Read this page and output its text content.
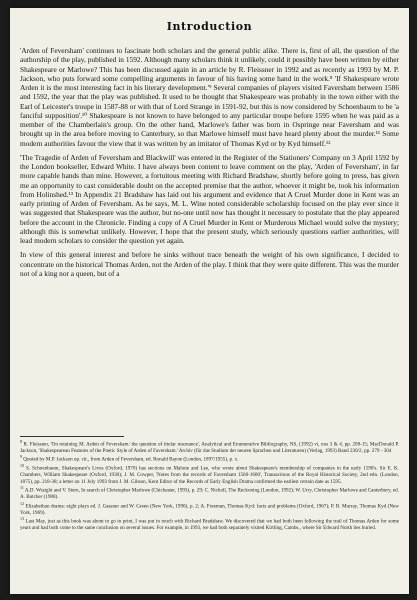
Introduction

'Arden of Feversham' continues to fascinate both scholars and the general public alike. There is, first of all, the question of the authorship of the play, published in 1592. Although many scholars think it unlikely, could it possibly have been written by either Shakespeare or Marlowe? This has been discussed again in an article by R. Fleissner in 1992 and as recently as 1993 by M. P. Jackson, who puts forward some compelling arguments in favour of his having some hand in the work.⁸ 'If Shakespeare wrote Arden it is the most interesting fact in his literary development.'⁹ Several companies of players visited Faversham between 1586 and 1592, the year that the play was published. It used to be thought that Shakespeare was probably in the town either with the Earl of Leicester's troupe in 1587-88 or with that of Lord Strange in 1591-92, but this is now considered by Schoenbaum to be 'a fanciful supposition'.¹⁰ Shakespeare is not known to have belonged to any particular troupe before 1595 when he was paid as a member of the Chamberlain's group. On the other hand, Marlowe's father was born in Ospringe near Faversham and was brought up in the area before moving to Canterbury, so that Marlowe himself must have heard plenty about the murder.¹¹ Some modern authorities favour the view that it was written by an imitator of Thomas Kyd or by Kyd himself.¹²

'The Tragedie of Arden of Feversham and Blackwill' was entered in the Register of the Stationers' Company on 3 April 1592 by the London bookseller, Edward White. I have always been content to leave comment on the play, 'Arden of Feversham', in far more capable hands than mine. However, a fortuitous meeting with Richard Bradshaw, shortly before going to press, has given me an opportunity to cast considerable doubt on the accepted premise that the author, whoever it might be, took his information from Holinshed.¹³ In Appendix 21 Bradshaw has laid out his argument and evidence that A Cruel Murder done in Kent was an early printing of Arden of Feversham. As he says, M. L. Wine noted considerable scholarship focused on the play ever since it was suggested that Shakespeare was the author, but no-one until now has thought it necessary to postulate that the play appeared before the account in the Chronicle. Finding a copy of A Cruel Murder in Kent or Murderous Michael would solve the mystery; although this is somewhat unlikely. However, I hope that the present study, which seriously questions earlier authorities, will lead modern scholars to consider the question yet again.

In view of this general interest and before he sinks without trace beneath the weight of his own significance, I decided to concentrate on the historical Thomas Arden, not the Arden of the play. I think that they were quite different. This was the murder not of a king nor a queen, but of a

$^8$ R. Fleissner, 'On retaining M. Arden of Feversham: the question of titular resonance', Analytical and Enumerative Bibliography, NS, (1992) vi, nos 3 & 4, pp. 208-15; MacDonald P. Jackson, 'Shakespearean Features of the Poetic Style of Arden of Faversham.' Archiv (für das Studium der neuren Sprachen und Literaturen) (Verlag, 1993) Band 230/2, pp. 279 - 304

$^9$ Quoted by M.P. Jackson op. cit., from Arden of Feversham, ed. Ronald Bayne (London, 1897/1955), p. x.

$^{10}$ S. Schoenbaum, Shakespeare's Lives (Oxford, 1970) has sections on Malone and Lee, who wrote about Shakespeare's membership of companies in the early 1590's. Sir E. K. Chambers, William Shakespeare (Oxford, 1930); J. M. Cowper, 'Notes from the records of Faversham 1560-1600', Transactions of the Royal Historical Society, 2nd edn. (London, 1875), pp. 218-38; a letter on 11 July 1993 from J. M. Gibson, Kent Editor of the Records of Early English Drama confirmed the earliest certain date as 1595.

$^{11}$ A.D. Wraight and V. Stern, In search of Christopher Marlowe (Chichester, 1993), p. 29; C. Nicholl, The Reckoning (London, 1992); W. Urry, Christopher Marlowe and Canterbury, ed. A. Butcher (1988).

$^{12}$ Elizabethan drama: eight plays ed. J. Gassner and W. Green (New York, 1990), p. 2; A. Freeman, Thomas Kyd: facts and problems (Oxford, 1967); P. B. Murray, Thomas Kyd (New York, 1969).

$^{13}$ Last May, just as this book was about to go to print, I was put in touch with Richard Bradshaw. We discovered that we had both been following the trail of Thomas Arden for some years and had both come to the same conclusion on several issues. For example, in 1993, we had both separately visited Kirtling, Cambs., where Sir Edward North lies buried.
